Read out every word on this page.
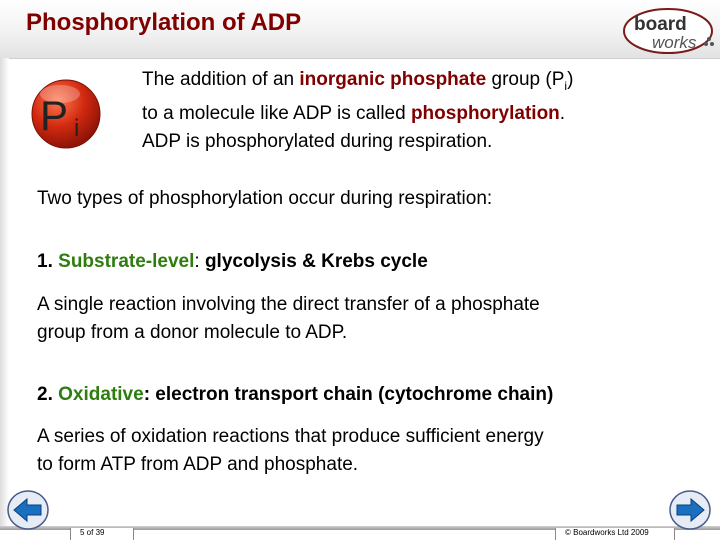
Phosphorylation of ADP	board
works
P i
The addition of an inorganic phosphate group $(P_i)$
to a molecule like ADP is called phosphorylation.
ADP is phosphorylated during respiration.
Two types of phosphorylation occur during respiration:
1. Substrate-level: glycolysis & Krebs cycle
A single reaction involving the direct transfer of a phosphate
group from a donor molecule to ADP.
2. Oxidative: electron transport chain (cytochrome chain)
A series of oxidation reactions that produce sufficient energy
to form ATP from ADP and phosphate.
5 of 39	© Boardworks Ltd 2009
